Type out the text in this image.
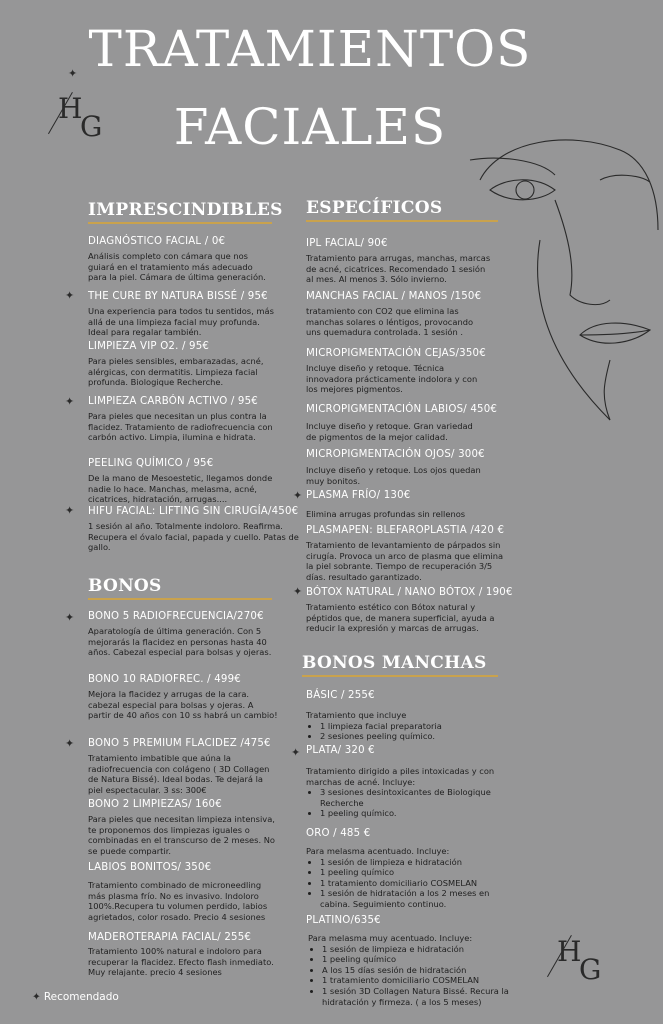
TRATAMIENTOS
FACIALES
H
G
✦
H
G
IMPRESCINDIBLES ESPECÍFICOS
BONOS
BONOS MANCHAS
✦
✦
✦
DIAGNÓSTICO FACIAL / 0€
Análisis completo con cámara que nos guiará en el tratamiento más adecuado para la piel. Cámara de última generación.
THE CURE BY NATURA BISSÉ / 95€
Una experiencia para todos tu sentidos, más allá de una limpieza facial muy profunda. Ideal para regalar también.
LIMPIEZA VIP O2. / 95€
Para pieles sensibles, embarazadas, acné, alérgicas, con dermatitis. Limpieza facial profunda. Biologique Recherche.
LIMPIEZA CARBÓN ACTIVO / 95€
Para pieles que necesitan un plus contra la flacidez. Tratamiento de radiofrecuencia con carbón activo. Limpia, ilumina e hidrata.
PEELING QUÍMICO / 95€
De la mano de Mesoestetic, llegamos donde nadie lo hace. Manchas, melasma, acné, cicatrices, hidratación, arrugas....
HIFU FACIAL: LIFTING SIN CIRUGÍA/450€
1 sesión al año. Totalmente indoloro. Reafirma. Recupera el óvalo facial, papada y cuello. Patas de gallo.
✦
✦
BONO 5 RADIOFRECUENCIA/270€
Aparatología de última generación. Con 5 mejorarás la flacidez en personas hasta 40 años. Cabezal especial para bolsas y ojeras.
BONO 10 RADIOFREC. / 499€
Mejora la flacidez y arrugas de la cara. cabezal especial para bolsas y ojeras. A partir de 40 años con 10 ss habrá un cambio!
BONO 5 PREMIUM FLACIDEZ /475€
Tratamiento imbatible que aúna la radiofrecuencia con colágeno ( 3D Collagen de Natura Bissé). Ideal bodas. Te dejará la piel espectacular. 3 ss: 300€
BONO 2 LIMPIEZAS/ 160€
Para pieles que necesitan limpieza intensiva, te proponemos dos limpiezas iguales o combinadas en el transcurso de 2 meses. No se puede compartir.
LABIOS BONITOS/ 350€
Tratamiento combinado de microneedling más plasma frío. No es invasivo. Indoloro 100%.Recupera tu volumen perdido, labios agrietados, color rosado. Precio 4 sesiones
MADEROTERAPIA FACIAL/ 255€
Tratamiento 100% natural e indoloro para recuperar la flacidez. Efecto flash inmediato. Muy relajante. precio 4 sesiones
✦
✦
IPL FACIAL/ 90€
Tratamiento para arrugas, manchas, marcas de acné, cicatrices. Recomendado 1 sesión al mes. Al menos 3. Sólo invierno.
MANCHAS FACIAL / MANOS /150€
tratamiento con CO2 que elimina las manchas solares o léntigos, provocando uns quemadura controlada. 1 sesión .
MICROPIGMENTACIÓN CEJAS/350€
Incluye diseño y retoque. Técnica innovadora prácticamente indolora y con los mejores pigmentos.
MICROPIGMENTACIÓN LABIOS/ 450€
Incluye diseño y retoque. Gran variedad de pigmentos de la mejor calidad.
MICROPIGMENTACIÓN OJOS/ 300€
Incluye diseño y retoque. Los ojos quedan muy bonitos.
PLASMA FRÍO/ 130€
Elimina arrugas profundas sin rellenos
PLASMAPEN: BLEFAROPLASTIA /420 €
Tratamiento de levantamiento de párpados sin cirugía. Provoca un arco de plasma que elimina la piel sobrante. Tiempo de recuperación 3/5 días. resultado garantizado.
BÓTOX NATURAL / NANO BÓTOX / 190€
Tratamiento estético con Bótox natural y péptidos que, de manera superficial, ayuda a reducir la expresión y marcas de arrugas.
✦
BÁSIC / 255€
Tratamiento que incluye
• 1 limpieza facial preparatoria
• 2 sesiones peeling químico.
PLATA/ 320 €
Tratamiento dirigido a piles intoxicadas y con marchas de acné. Incluye:
• 3 sesiones desintoxicantes de Biologique Recherche
• 1 peeling químico.
ORO / 485 €
Para melasma acentuado. Incluye:
• 1 sesión de limpieza e hidratación
• 1 peeling químico
• 1 tratamiento domiciliario COSMELAN
• 1 sesión de hidratación a los 2 meses en cabina. Seguimiento continuo.
PLATINO/635€
Para melasma muy acentuado. Incluye:
• 1 sesión de limpieza e hidratación
• 1 peeling químico
• A los 15 días sesión de hidratación
• 1 tratamiento domiciliario COSMELAN
• 1 sesión 3D Collagen Natura Bissé. Recura la hidratación y firmeza. ( a los 5 meses)
✦ Recomendado
